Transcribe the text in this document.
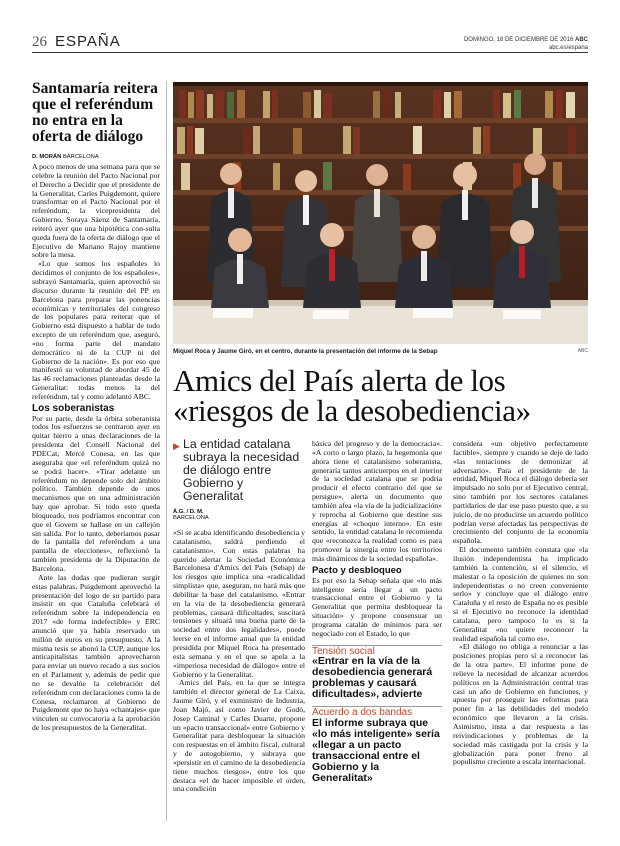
26 ESPAÑA	DOMINGO, 18 DE DICIEMBRE DE 2016 ABC
abc.es/espana
Santamaría reitera que el referéndum no entra en la oferta de diálogo
D. MORÁN BARCELONA

A poco menos de una semana para que se celebre la reunión del Pacto Nacional por el Derecho a Decidir que el presidente de la Generalitat, Carles Puigdemont, quiere transformar en el Pacto Nacional por el referéndum, la vicepresidenta del Gobierno, Soraya Sáenz de Santamaría, reiteró ayer que una hipotética con-sulta queda fuera de la oferta de diálogo que el Ejecutivo de Mariano Rajoy mantiene sobre la mesa.

«Lo que somos los españoles lo decidimos el conjunto de los españoles», subrayó Santamaría, quien aprovechó su discurso durante la reunión del PP en Barcelona para preparar las ponencias económicas y territoriales del congreso de los populares para reiterar que el Gobierno está dispuesto a hablar de todo excepto de un referéndum que, aseguró, «no forma parte del mandato democrático ni de la CUP ni del Gobierno de la nación». Es por eso que manifestó su voluntad de abordar 45 de las 46 reclamaciones planteadas desde la Generalitat: todas menos la del referéndum, tal y como adelantó ABC.

Los soberanistas

Por su parte, desde la órbita soberanista todos los esfuerzos se centraron ayer en quitar hierro a unas declaraciones de la presidenta del Consell Nacional del PDECat, Mercè Conesa, en las que aseguraba que «el referéndum quizá no se podrá hacer». «Tirar adelante un referéndum no depende solo del ámbito político. También depende de unos mecanismos que en una administración hay que aprobar. Si todo esto queda bloqueado, nos podríamos encontrar con que el Govern se hallase en un callejón sin salida. Por lo tanto, deberíamos pasar de la pantalla del referéndum a una pantalla de elecciones», reflexionó la también presidenta de la Diputación de Barcelona.

Ante las dudas que pudieran surgir estas palabras, Puigdemont aprovechó la presentación del logo de su partido para insistir en que Cataluña celebrará el referéndum sobre la independencia en 2017 «de forma indefectible» y ERC anunció que ya había reservado un millón de euros en su presupuesto. A la misma tesis se abonó la CUP, aunque los anticapitalistas también aprovecharon para enviar un nuevo recado a sus socios en el Parlament y, además de pedir que no se devalúe la celebración del referéndum con declaraciones como la de Conesa, reclamaron al Gobierno de Puigdemont que no haya «chantajes» que vinculen su convocatoria a la aprobación de los presupuestos de la Generalitat.

Miquel Roca y Jaume Giró, en el centro, durante la presentación del informe de la Sebap	ABC
Amics del País alerta de los
«riesgos de la desobediencia»
▶ La entidad catalana subraya la necesidad de diálogo entre Gobierno y Generalitat
À.G. / D. M.
BARCELONA

«Si se acaba identificando desobediencia y catalanismo, saldrá perdiendo el catalanismo». Con estas palabras ha querido alertar la Sociedad Económica Barcelonesa d'Amics del País (Sebap) de los riesgos que implica una «radicalidad simplista» que, aseguran, no hará más que debilitar la base del catalanismo. «Entrar en la vía de la desobediencia generará problemas, causará dificultades, suscitará tensiones y situará una buena parte de la sociedad entre dos legalidades», puede leerse en el informe anual que la entidad presidida por Miquel Roca ha presentado esta semana y en el que se apela a la «imperiosa necesidad de diálogo» entre el Gobierno y la Generalitat.

Amics del País, en la que se integra también el director general de La Caixa, Jaume Giró, y el exministro de Industria, Joan Majó, así como Javier de Godó, Josep Caminal y Carles Duarte, propone un «pacto transaccional» entre Gobierno y Generalitat para desbloquear la situación con respuestas en el ámbito fiscal, cultural y de autogobierno, y subraya que «persistir en el camino de la desobediencia tiene muchos riesgos», entre los que destaca «el de hacer imposible el orden, una condición

básica del progreso y de la democracia». «A corto o largo plazo, la hegemonía que ahora tiene el catalanismo soberanista, generaría tantos anticuerpos en el interior de la sociedad catalana que se podría producir el efecto contrario del que se persigue», alerta un documento que también afea «la vía de la judicialización» y reprocha al Gobierno que destine sus energías al «choque interno». En este sentido, la entidad catalana le recomienda que «reconozca la realidad como es para promover la sinergia entre los territorios más dinámicos de la sociedad española».

Pacto y desbloqueo

Es por eso la Sebap señala que «lo más inteligente sería llegar a un pacto transaccional entre el Gobierno y la Generalitat que permita desbloquear la situación» y propone consensuar un programa catalán de mínimos para ser negociado con el Estado, lo que

Tensión social
«Entrar en la vía de la desobediencia generará problemas y causará dificultades», advierte
Acuerdo a dos bandas
El informe subraya que «lo más inteligente» sería «llegar a un pacto transaccional entre el Gobierno y la Generalitat»

considera «un objetivo perfectamente factible», siempre y cuando se deje de lado «las tentaciones de demonizar al adversario». Para el presidente de la entidad, Miquel Roca el diálogo debería ser impulsado no solo por el Ejecutivo central, sino también por los sectores catalanes partidarios de dar ese paso puesto que, a su juicio, de no producirse un acuerdo político podrían verse afectadas las perspectivas de crecimiento del conjunto de la economía española.

El documento también constata que «la ilusión independentista ha implicado también la contención, si el silencio, el malestar o la oposición de quienes no son independentistas o no creen conveniente serlo» y concluye que el diálogo entre Cataluña y el resto de España no es posible si el Ejecutivo no reconoce la identidad catalana, pero tampoco lo es si la Generalitat «no quiere reconocer la realidad española tal como es».

«El diálogo no obliga a renunciar a las posiciones propias pero sí a reconocer las de la otra parte». El informe pone de relieve la necesidad de alcanzar acuerdos políticos en la Administración central tras casi un año de Gobierno en funciones, y apuesta por proseguir las reformas para poner fin a las debilidades del modelo económico que llevaron a la crisis. Asimismo, insta a dar respuesta a las reivindicaciones y problemas de la sociedad más castigada por la crisis y la globalización para poner freno al populismo creciente a escala internacional.
